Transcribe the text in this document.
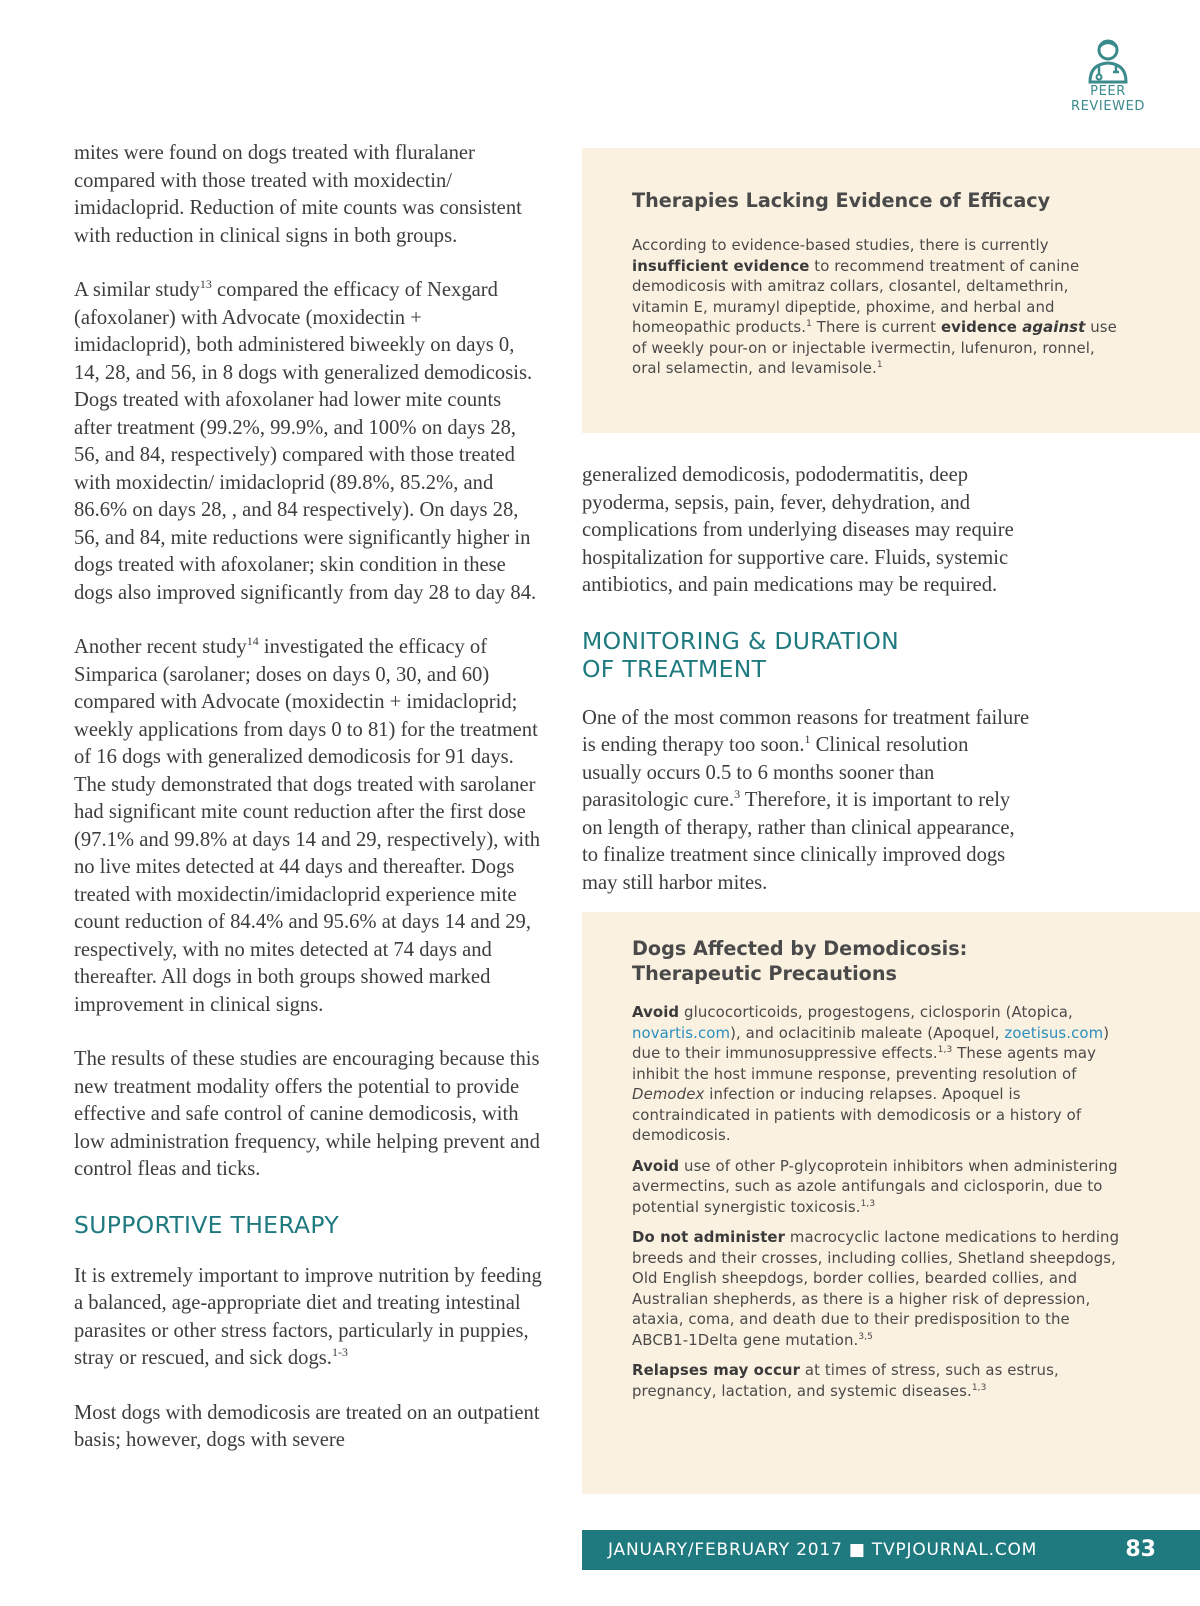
PEER
REVIEWED

mites were found on dogs treated with fluralaner compared with those treated with moxidectin/ imidacloprid. Reduction of mite counts was consistent with reduction in clinical signs in both groups.

A similar study$^{13}$ compared the efficacy of Nexgard (afoxolaner) with Advocate (moxidectin + imidacloprid), both administered biweekly on days 0, 14, 28, and 56, in 8 dogs with generalized demodicosis. Dogs treated with afoxolaner had lower mite counts after treatment (99.2%, 99.9%, and 100% on days 28, 56, and 84, respectively) compared with those treated with moxidectin/ imidacloprid (89.8%, 85.2%, and 86.6% on days 28, , and 84 respectively). On days 28, 56, and 84, mite reductions were significantly higher in dogs treated with afoxolaner; skin condition in these dogs also improved significantly from day 28 to day 84.

Another recent study$^{14}$ investigated the efficacy of Simparica (sarolaner; doses on days 0, 30, and 60) compared with Advocate (moxidectin + imidacloprid; weekly applications from days 0 to 81) for the treatment of 16 dogs with generalized demodicosis for 91 days. The study demonstrated that dogs treated with sarolaner had significant mite count reduction after the first dose (97.1% and 99.8% at days 14 and 29, respectively), with no live mites detected at 44 days and thereafter. Dogs treated with moxidectin/imidacloprid experience mite count reduction of 84.4% and 95.6% at days 14 and 29, respectively, with no mites detected at 74 days and thereafter. All dogs in both groups showed marked improvement in clinical signs.

The results of these studies are encouraging because this new treatment modality offers the potential to provide effective and safe control of canine demodicosis, with low administration frequency, while helping prevent and control fleas and ticks.

SUPPORTIVE THERAPY

It is extremely important to improve nutrition by feeding a balanced, age-appropriate diet and treating intestinal parasites or other stress factors, particularly in puppies, stray or rescued, and sick dogs.$^{1-3}$

Most dogs with demodicosis are treated on an outpatient basis; however, dogs with severe

Therapies Lacking Evidence of Efficacy

According to evidence-based studies, there is currently insufficient evidence to recommend treatment of canine demodicosis with amitraz collars, closantel, deltamethrin, vitamin E, muramyl dipeptide, phoxime, and herbal and homeopathic products.$^1$ There is current evidence against use of weekly pour-on or injectable ivermectin, lufenuron, ronnel, oral selamectin, and levamisole.$^1$

generalized demodicosis, pododermatitis, deep pyoderma, sepsis, pain, fever, dehydration, and complications from underlying diseases may require hospitalization for supportive care. Fluids, systemic antibiotics, and pain medications may be required.

MONITORING & DURATION
OF TREATMENT

One of the most common reasons for treatment failure is ending therapy too soon.$^1$ Clinical resolution usually occurs 0.5 to 6 months sooner than parasitologic cure.$^3$ Therefore, it is important to rely on length of therapy, rather than clinical appearance, to finalize treatment since clinically improved dogs may still harbor mites.

Dogs Affected by Demodicosis:
Therapeutic Precautions

Avoid glucocorticoids, progestogens, ciclosporin (Atopica, novartis.com), and oclacitinib maleate (Apoquel, zoetisus.com) due to their immunosuppressive effects.$^{1,3}$ These agents may inhibit the host immune response, preventing resolution of Demodex infection or inducing relapses. Apoquel is contraindicated in patients with demodicosis or a history of demodicosis.

Avoid use of other P-glycoprotein inhibitors when administering avermectins, such as azole antifungals and ciclosporin, due to potential synergistic toxicosis.$^{1,3}$

Do not administer macrocyclic lactone medications to herding breeds and their crosses, including collies, Shetland sheepdogs, Old English sheepdogs, border collies, bearded collies, and Australian shepherds, as there is a higher risk of depression, ataxia, coma, and death due to their predisposition to the ABCB1-1Delta gene mutation.$^{3,5}$

Relapses may occur at times of stress, such as estrus, pregnancy, lactation, and systemic diseases.$^{1,3}$

JANUARY/FEBRUARY 2017 ■ TVPJOURNAL.COM	83
